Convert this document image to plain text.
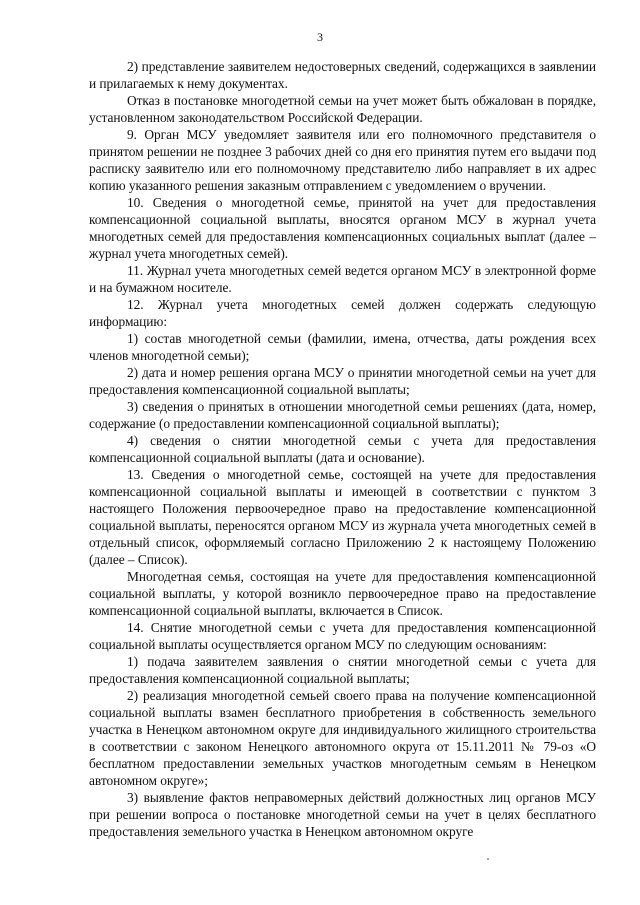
3

2) представление заявителем недостоверных сведений, содержащихся в заявлении и прилагаемых к нему документах.

Отказ в постановке многодетной семьи на учет может быть обжалован в порядке, установленном законодательством Российской Федерации.

9. Орган МСУ уведомляет заявителя или его полномочного представителя о принятом решении не позднее 3 рабочих дней со дня его принятия путем его выдачи под расписку заявителю или его полномочному представителю либо направляет в их адрес копию указанного решения заказным отправлением с уведомлением о вручении.

10. Сведения о многодетной семье, принятой на учет для предоставления компенсационной социальной выплаты, вносятся органом МСУ в журнал учета многодетных семей для предоставления компенсационных социальных выплат (далее – журнал учета многодетных семей).

11. Журнал учета многодетных семей ведется органом МСУ в электронной форме и на бумажном носителе.

12. Журнал учета многодетных семей должен содержать следующую информацию:

1) состав многодетной семьи (фамилии, имена, отчества, даты рождения всех членов многодетной семьи);

2) дата и номер решения органа МСУ о принятии многодетной семьи на учет для предоставления компенсационной социальной выплаты;

3) сведения о принятых в отношении многодетной семьи решениях (дата, номер, содержание (о предоставлении компенсационной социальной выплаты);

4) сведения о снятии многодетной семьи с учета для предоставления компенсационной социальной выплаты (дата и основание).

13. Сведения о многодетной семье, состоящей на учете для предоставления компенсационной социальной выплаты и имеющей в соответствии с пунктом 3 настоящего Положения первоочередное право на предоставление компенсационной социальной выплаты, переносятся органом МСУ из журнала учета многодетных семей в отдельный список, оформляемый согласно Приложению 2 к настоящему Положению (далее – Список).

Многодетная семья, состоящая на учете для предоставления компенсационной социальной выплаты, у которой возникло первоочередное право на предоставление компенсационной социальной выплаты, включается в Список.

14. Снятие многодетной семьи с учета для предоставления компенсационной социальной выплаты осуществляется органом МСУ по следующим основаниям:

1) подача заявителем заявления о снятии многодетной семьи с учета для предоставления компенсационной социальной выплаты;

2) реализация многодетной семьей своего права на получение компенсационной социальной выплаты взамен бесплатного приобретения в собственность земельного участка в Ненецком автономном округе для индивидуального жилищного строительства в соответствии с законом Ненецкого автономного округа от 15.11.2011 № 79-оз «О бесплатном предоставлении земельных участков многодетным семьям в Ненецком автономном округе»;

3) выявление фактов неправомерных действий должностных лиц органов МСУ при решении вопроса о постановке многодетной семьи на учет в целях бесплатного предоставления земельного участка в Ненецком автономном округе
